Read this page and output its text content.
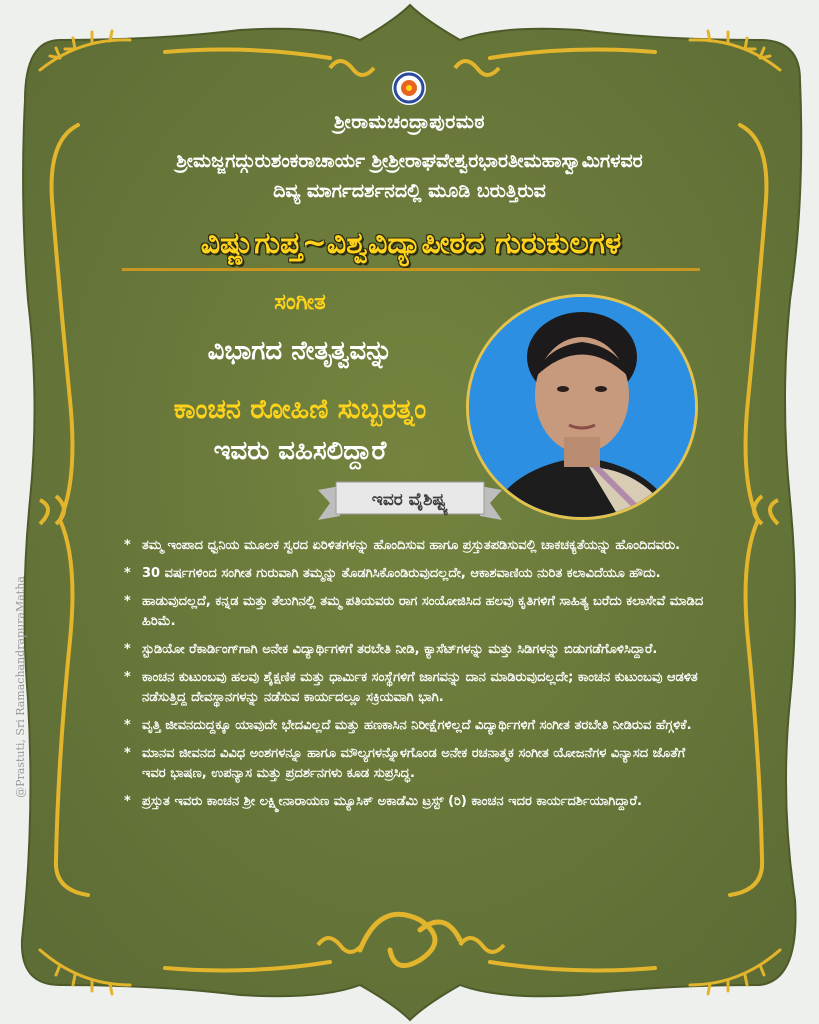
ಶ್ರೀರಾಮಚಂದ್ರಾಪುರಮಠ
ಶ್ರೀಮಜ್ಜಗದ್ಗುರುಶಂಕರಾಚಾರ್ಯ ಶ್ರೀಶ್ರೀರಾಘವೇಶ್ವರಭಾರತೀಮಹಾಸ್ವಾಮಿಗಳವರ
ದಿವ್ಯ ಮಾರ್ಗದರ್ಶನದಲ್ಲಿ ಮೂಡಿ ಬರುತ್ತಿರುವ
ವಿಷ್ಣುಗುಪ್ತ~ವಿಶ್ವವಿದ್ಯಾಪೀಠದ ಗುರುಕುಲಗಳ
ಸಂಗೀತ
ವಿಭಾಗದ ನೇತೃತ್ವವನ್ನು
ಕಾಂಚನ ರೋಹಿಣಿ ಸುಬ್ಬರತ್ನಂ
ಇವರು ವಹಿಸಲಿದ್ದಾರೆ
ಇವರ ವೈಶಿಷ್ಟ್ಯ
* ತಮ್ಮ ಇಂಪಾದ ಧ್ವನಿಯ ಮೂಲಕ ಸ್ವರದ ಏರಿಳಿತಗಳನ್ನು ಹೊಂದಿಸುವ ಹಾಗೂ ಪ್ರಸ್ತುತಪಡಿಸುವಲ್ಲಿ ಚಾಕಚಕ್ಯತೆಯನ್ನು ಹೊಂದಿದವರು.
* 30 ವರ್ಷಗಳಿಂದ ಸಂಗೀತ ಗುರುವಾಗಿ ತಮ್ಮನ್ನು ತೊಡಗಿಸಿಕೊಂಡಿರುವುದಲ್ಲದೇ, ಆಕಾಶವಾಣಿಯ ನುರಿತ ಕಲಾವಿದೆಯೂ ಹೌದು.
* ಹಾಡುವುದಲ್ಲದೆ, ಕನ್ನಡ ಮತ್ತು ತೆಲುಗಿನಲ್ಲಿ ತಮ್ಮ ಪತಿಯವರು ರಾಗ ಸಂಯೋಜಿಸಿದ ಹಲವು ಕೃತಿಗಳಿಗೆ ಸಾಹಿತ್ಯ ಬರೆದು ಕಲಾಸೇವೆ ಮಾಡಿದ ಹಿರಿಮೆ.
* ಸ್ಟುಡಿಯೋ ರೆಕಾರ್ಡಿಂಗ್‌ಗಾಗಿ ಅನೇಕ ವಿದ್ಯಾರ್ಥಿಗಳಿಗೆ ತರಬೇತಿ ನೀಡಿ, ಕ್ಯಾಸೆಟ್‌ಗಳನ್ನು ಮತ್ತು ಸಿಡಿಗಳನ್ನು ಬಿಡುಗಡೆಗೊಳಿಸಿದ್ದಾರೆ.
* ಕಾಂಚನ ಕುಟುಂಬವು ಹಲವು ಶೈಕ್ಷಣಿಕ ಮತ್ತು ಧಾರ್ಮಿಕ ಸಂಸ್ಥೆಗಳಿಗೆ ಜಾಗವನ್ನು ದಾನ ಮಾಡಿರುವುದಲ್ಲದೇ; ಕಾಂಚನ ಕುಟುಂಬವು ಆಡಳಿತ ನಡೆಸುತ್ತಿದ್ದ ದೇವಸ್ಥಾನಗಳನ್ನು ನಡೆಸುವ ಕಾರ್ಯದಲ್ಲೂ ಸಕ್ರಿಯವಾಗಿ ಭಾಗಿ.
* ವೃತ್ತಿ ಜೀವನದುದ್ದಕ್ಕೂ ಯಾವುದೇ ಭೇದವಿಲ್ಲದೆ ಮತ್ತು ಹಣಕಾಸಿನ ನಿರೀಕ್ಷೆಗಳಿಲ್ಲದೆ ವಿದ್ಯಾರ್ಥಿಗಳಿಗೆ ಸಂಗೀತ ತರಬೇತಿ ನೀಡಿರುವ ಹೆಗ್ಗಳಿಕೆ.
* ಮಾನವ ಜೀವನದ ವಿವಿಧ ಅಂಶಗಳನ್ನೂ ಹಾಗೂ ಮೌಲ್ಯಗಳನ್ನೊಳಗೊಂಡ ಅನೇಕ ರಚನಾತ್ಮಕ ಸಂಗೀತ ಯೋಜನೆಗಳ ವಿನ್ಯಾಸದ ಜೊತೆಗೆ ಇವರ ಭಾಷಣ, ಉಪನ್ಯಾಸ ಮತ್ತು ಪ್ರದರ್ಶನಗಳು ಕೂಡ ಸುಪ್ರಸಿದ್ಧ.
* ಪ್ರಸ್ತುತ ಇವರು ಕಾಂಚನ ಶ್ರೀ ಲಕ್ಷ್ಮೀನಾರಾಯಣ ಮ್ಯೂಸಿಕ್ ಅಕಾಡೆಮಿ ಟ್ರಸ್ಟ್ (ರಿ) ಕಾಂಚನ ಇದರ ಕಾರ್ಯದರ್ಶಿಯಾಗಿದ್ದಾರೆ.
@Prastuti, Sri RamachandrapuraMatha
